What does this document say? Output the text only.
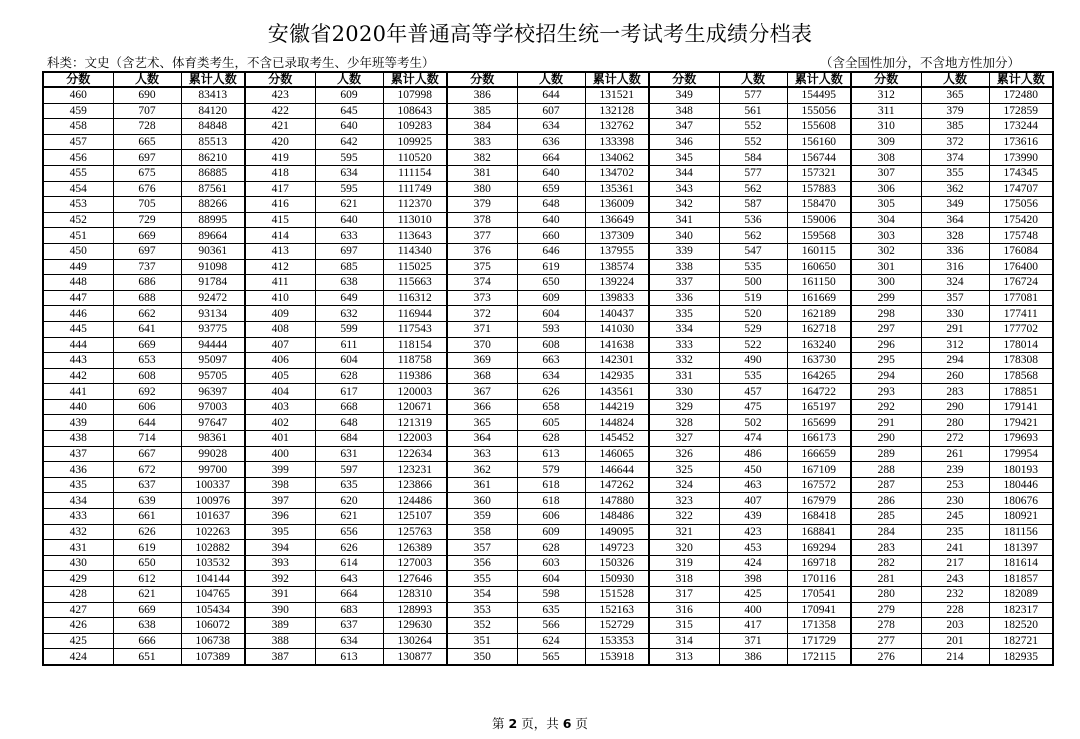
安徽省2020年普通高等学校招生统一考试考生成绩分档表
科类：文史（含艺术、体育类考生，不含已录取考生、少年班等考生）	（含全国性加分，不含地方性加分）
分数	人数	累计人数	分数	人数	累计人数	分数	人数	累计人数	分数	人数	累计人数	分数	人数	累计人数
460	690	83413	423	609	107998	386	644	131521	349	577	154495	312	365	172480
459	707	84120	422	645	108643	385	607	132128	348	561	155056	311	379	172859
458	728	84848	421	640	109283	384	634	132762	347	552	155608	310	385	173244
457	665	85513	420	642	109925	383	636	133398	346	552	156160	309	372	173616
456	697	86210	419	595	110520	382	664	134062	345	584	156744	308	374	173990
455	675	86885	418	634	111154	381	640	134702	344	577	157321	307	355	174345
454	676	87561	417	595	111749	380	659	135361	343	562	157883	306	362	174707
453	705	88266	416	621	112370	379	648	136009	342	587	158470	305	349	175056
452	729	88995	415	640	113010	378	640	136649	341	536	159006	304	364	175420
451	669	89664	414	633	113643	377	660	137309	340	562	159568	303	328	175748
450	697	90361	413	697	114340	376	646	137955	339	547	160115	302	336	176084
449	737	91098	412	685	115025	375	619	138574	338	535	160650	301	316	176400
448	686	91784	411	638	115663	374	650	139224	337	500	161150	300	324	176724
447	688	92472	410	649	116312	373	609	139833	336	519	161669	299	357	177081
446	662	93134	409	632	116944	372	604	140437	335	520	162189	298	330	177411
445	641	93775	408	599	117543	371	593	141030	334	529	162718	297	291	177702
444	669	94444	407	611	118154	370	608	141638	333	522	163240	296	312	178014
443	653	95097	406	604	118758	369	663	142301	332	490	163730	295	294	178308
442	608	95705	405	628	119386	368	634	142935	331	535	164265	294	260	178568
441	692	96397	404	617	120003	367	626	143561	330	457	164722	293	283	178851
440	606	97003	403	668	120671	366	658	144219	329	475	165197	292	290	179141
439	644	97647	402	648	121319	365	605	144824	328	502	165699	291	280	179421
438	714	98361	401	684	122003	364	628	145452	327	474	166173	290	272	179693
437	667	99028	400	631	122634	363	613	146065	326	486	166659	289	261	179954
436	672	99700	399	597	123231	362	579	146644	325	450	167109	288	239	180193
435	637	100337	398	635	123866	361	618	147262	324	463	167572	287	253	180446
434	639	100976	397	620	124486	360	618	147880	323	407	167979	286	230	180676
433	661	101637	396	621	125107	359	606	148486	322	439	168418	285	245	180921
432	626	102263	395	656	125763	358	609	149095	321	423	168841	284	235	181156
431	619	102882	394	626	126389	357	628	149723	320	453	169294	283	241	181397
430	650	103532	393	614	127003	356	603	150326	319	424	169718	282	217	181614
429	612	104144	392	643	127646	355	604	150930	318	398	170116	281	243	181857
428	621	104765	391	664	128310	354	598	151528	317	425	170541	280	232	182089
427	669	105434	390	683	128993	353	635	152163	316	400	170941	279	228	182317
426	638	106072	389	637	129630	352	566	152729	315	417	171358	278	203	182520
425	666	106738	388	634	130264	351	624	153353	314	371	171729	277	201	182721
424	651	107389	387	613	130877	350	565	153918	313	386	172115	276	214	182935
第 2 页，共 6 页
